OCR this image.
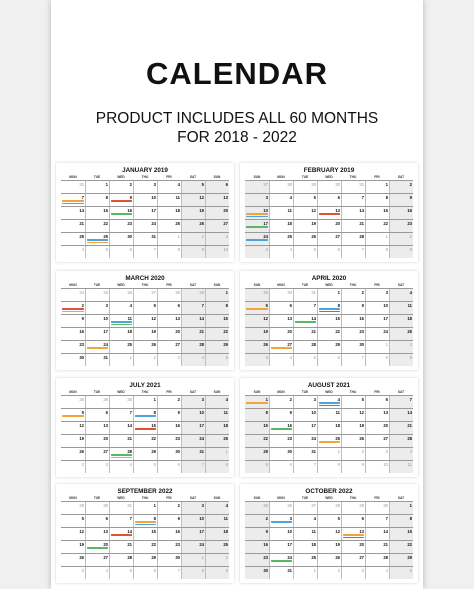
CALENDAR
PRODUCT INCLUDES ALL 60 MONTHS
FOR 2018 - 2022
JANUARY 2019
MON	TUE	WED	THU	FRI	SAT	SUN
31	1	2	3	4	5	6
7	8	9	10	11	12	13
14	15	16	17	18	19	20
21	22	23	24	25	26	27
28	29	30	31	1	2	3
4	5	6	7	8	9	10
FEBRUARY 2019
SUN	MON	TUE	WED	THU	FRI	SAT
27	28	29	30	31	1	2
3	4	5	6	7	8	9
10	11	12	13	14	15	16
17	18	19	20	21	22	23
24	25	26	27	28	1	2
3	4	5	6	7	8	9
MARCH 2020
MON	TUE	WED	THU	FRI	SAT	SUN
24	25	26	27	28	29	1
2	3	4	5	6	7	8
9	10	11	12	13	14	15
16	17	18	19	20	21	22
23	24	25	26	27	28	29
30	31	1	2	3	4	5
APRIL 2020
SUN	MON	TUE	WED	THU	FRI	SAT
29	30	31	1	2	3	4
5	6	7	8	9	10	11
12	13	14	15	16	17	18
19	20	21	22	23	24	25
26	27	28	29	30	1	2
3	4	5	6	7	8	9
JULY 2021
MON	TUE	WED	THU	FRI	SAT	SUN
28	29	30	1	2	3	4
5	6	7	8	9	10	11
12	13	14	15	16	17	18
19	20	21	22	23	24	25
26	27	28	29	30	31	1
2	3	4	5	6	7	8
AUGUST 2021
SUN	MON	TUE	WED	THU	FRI	SAT
1	2	3	4	5	6	7
8	9	10	11	12	13	14
15	16	17	18	19	20	21
22	23	24	25	26	27	28
29	30	31	1	2	3	4
5	6	7	8	9	10	11
SEPTEMBER 2022
MON	TUE	WED	THU	FRI	SAT	SUN
29	30	31	1	2	3	4
5	6	7	8	9	10	11
12	13	14	15	16	17	18
19	20	21	22	23	24	25
26	27	28	29	30	1	2
3	4	5	6	7	8	9
OCTOBER 2022
SUN	MON	TUE	WED	THU	FRI	SAT
25	26	27	28	29	30	1
2	3	4	5	6	7	8
9	10	11	12	13	14	15
16	17	18	19	20	21	22
23	24	25	26	27	28	29
30	31	1	2	3	4	5
